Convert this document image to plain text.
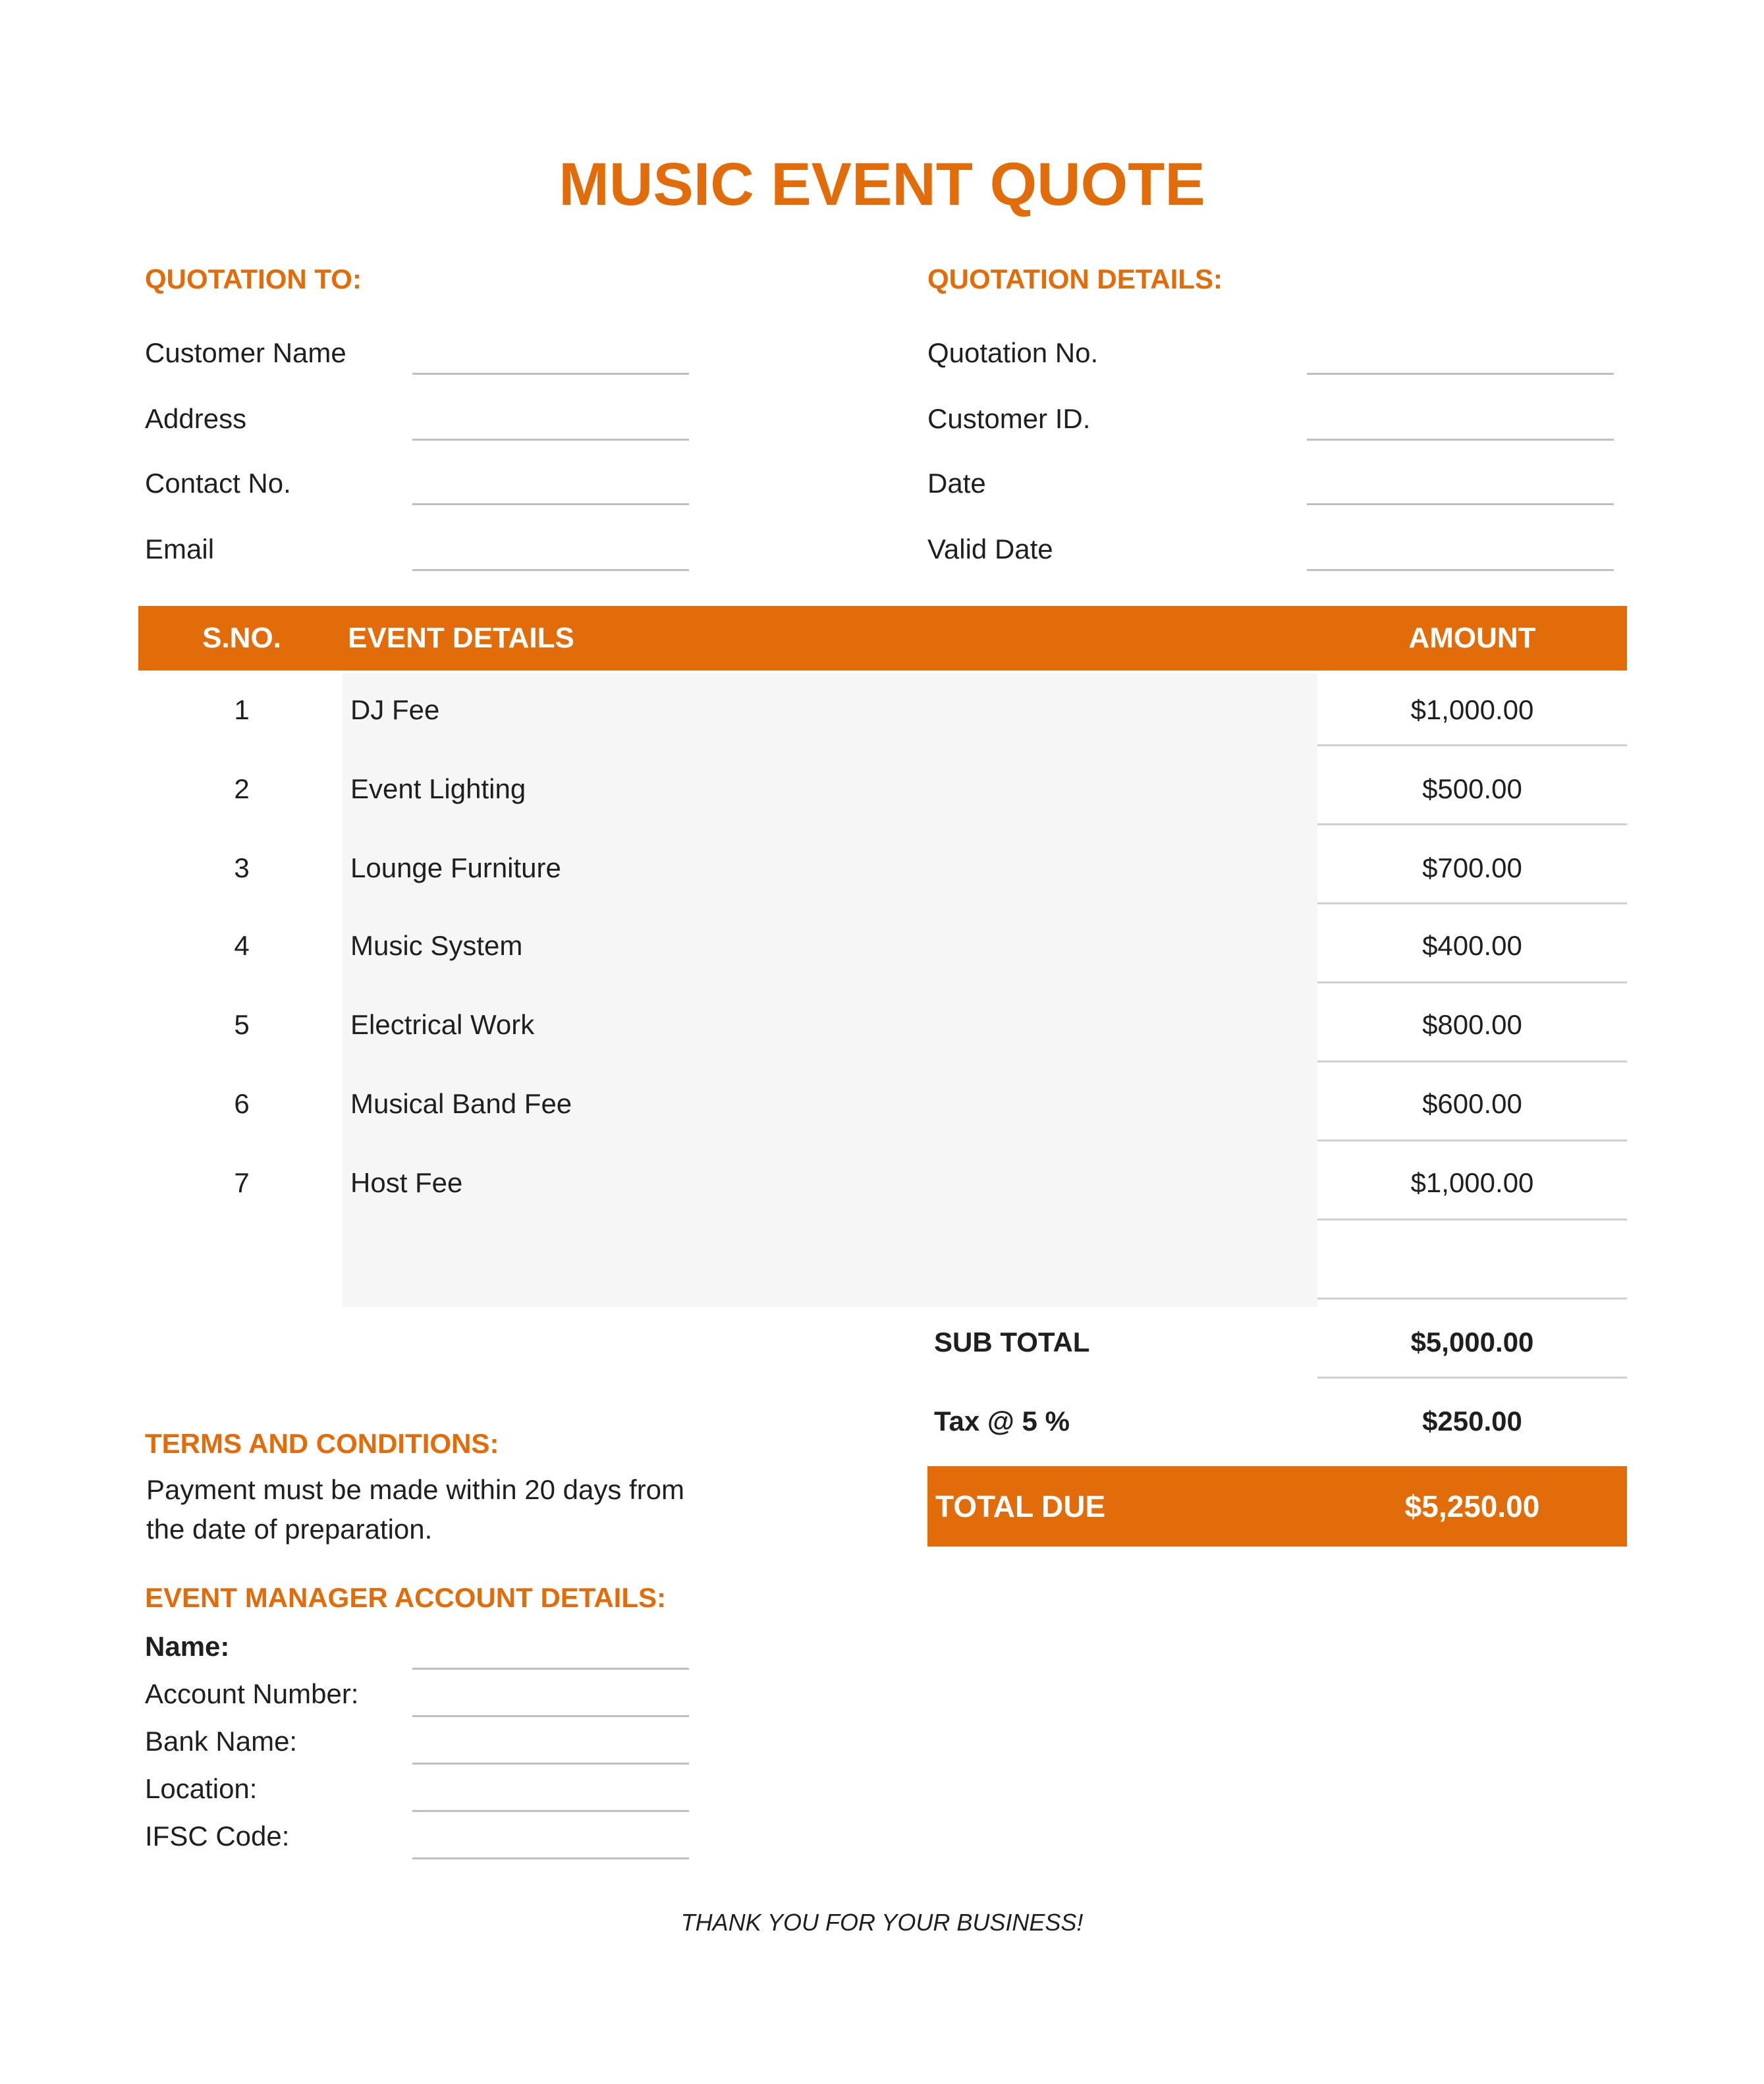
MUSIC EVENT QUOTE
QUOTATION TO:
Customer Name
Address
Contact No.
Email
QUOTATION DETAILS:
Quotation No.
Customer ID.
Date
Valid Date
S.NO.	EVENT DETAILS	AMOUNT
1	DJ Fee	$1,000.00
2	Event Lighting	$500.00
3	Lounge Furniture	$700.00
4	Music System	$400.00
5	Electrical Work	$800.00
6	Musical Band Fee	$600.00
7	Host Fee	$1,000.00
SUB TOTAL	$5,000.00
Tax @ 5 %	$250.00
TOTAL DUE	$5,250.00
TERMS AND CONDITIONS:
Payment must be made within 20 days from
the date of preparation.
EVENT MANAGER ACCOUNT DETAILS:
Name:
Account Number:
Bank Name:
Location:
IFSC Code:
THANK YOU FOR YOUR BUSINESS!
